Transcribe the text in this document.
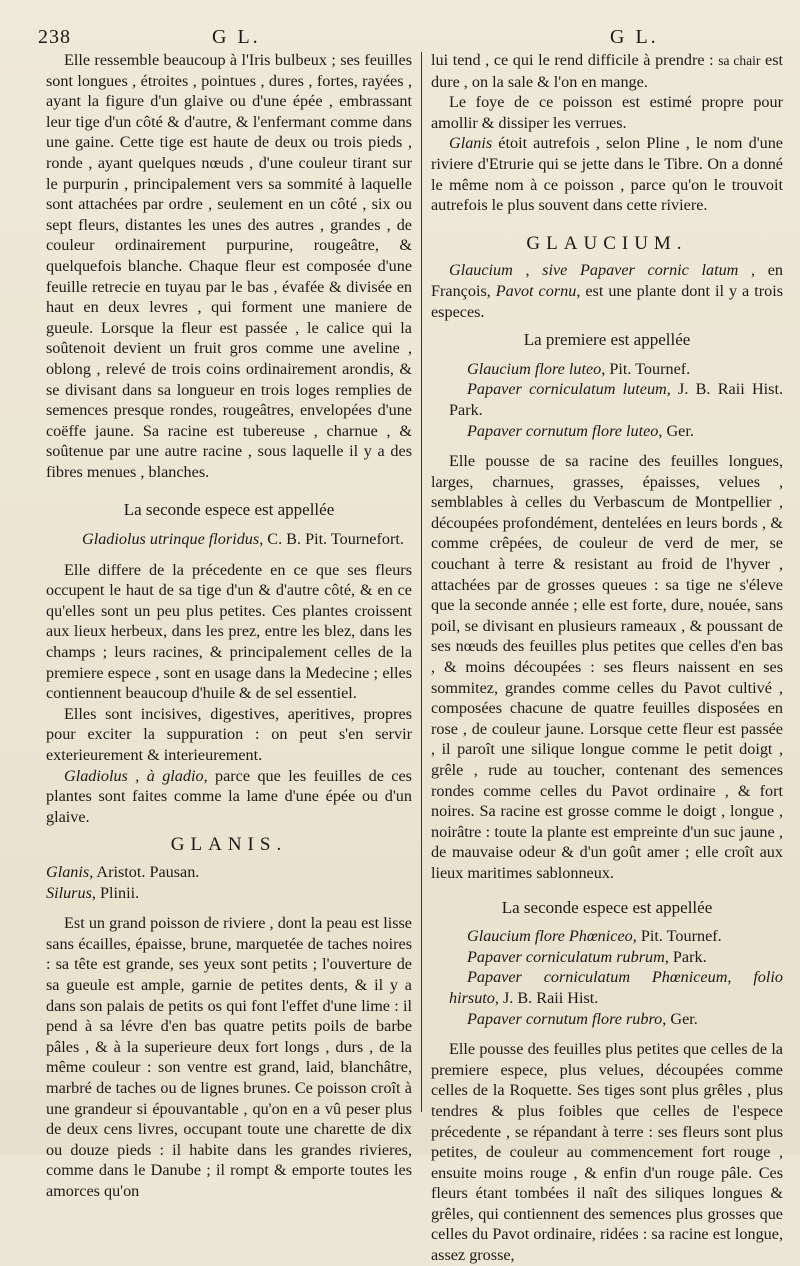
238	G L.	G L.

Elle ressemble beaucoup à l'Iris bulbeux ; ses feuilles sont longues , étroites , pointues , dures , fortes, rayées , ayant la figure d'un glaive ou d'une épée , embrassant leur tige d'un côté & d'autre, & l'enfermant comme dans une gaine. Cette tige est haute de deux ou trois pieds , ronde , ayant quelques nœuds , d'une couleur tirant sur le purpurin , principalement vers sa sommité à laquelle sont attachées par ordre , seulement en un côté , six ou sept fleurs, distantes les unes des autres , grandes , de couleur ordinairement purpurine, rougeâtre, & quelquefois blanche. Chaque fleur est composée d'une feuille retrecie en tuyau par le bas , évafée & divisée en haut en deux levres , qui forment une maniere de gueule. Lorsque la fleur est passée , le calice qui la soûtenoit devient un fruit gros comme une aveline , oblong , relevé de trois coins ordinairement arondis, & se divisant dans sa longueur en trois loges remplies de semences presque rondes, rougeâtres, envelopées d'une coëffe jaune. Sa racine est tubereuse , charnue , & soûtenue par une autre racine , sous laquelle il y a des fibres menues , blanches.

La seconde espece est appellée

Gladiolus utrinque floridus, C. B. Pit. Tournefort.

Elle differe de la précedente en ce que ses fleurs occupent le haut de sa tige d'un & d'autre côté, & en ce qu'elles sont un peu plus petites. Ces plantes croissent aux lieux herbeux, dans les prez, entre les blez, dans les champs ; leurs racines, & principalement celles de la premiere espece , sont en usage dans la Medecine ; elles contiennent beaucoup d'huile & de sel essentiel.

Elles sont incisives, digestives, aperitives, propres pour exciter la suppuration : on peut s'en servir exterieurement & interieurement.

Gladiolus , à gladio, parce que les feuilles de ces plantes sont faites comme la lame d'une épée ou d'un glaive.

GLANIS.

Glanis, Aristot. Pausan.

Silurus, Plinii.

Est un grand poisson de riviere , dont la peau est lisse sans écailles, épaisse, brune, marquetée de taches noires : sa tête est grande, ses yeux sont petits ; l'ouverture de sa gueule est ample, garnie de petites dents, & il y a dans son palais de petits os qui font l'effet d'une lime : il pend à sa lévre d'en bas quatre petits poils de barbe pâles , & à la superieure deux fort longs , durs , de la même couleur : son ventre est grand, laid, blanchâtre, marbré de taches ou de lignes brunes. Ce poisson croît à une grandeur si épouvantable , qu'on en a vû peser plus de deux cens livres, occupant toute une charette de dix ou douze pieds : il habite dans les grandes rivieres, comme dans le Danube ; il rompt & emporte toutes les amorces qu'on

lui tend , ce qui le rend difficile à prendre : sa chair est dure , on la sale & l'on en mange.

Le foye de ce poisson est estimé propre pour amollir & dissiper les verrues.

Glanis étoit autrefois , selon Pline , le nom d'une riviere d'Etrurie qui se jette dans le Tibre. On a donné le même nom à ce poisson , parce qu'on le trouvoit autrefois le plus souvent dans cette riviere.

GLAUCIUM.

Glaucium , sive Papaver cornic latum , en François, Pavot cornu, est une plante dont il y a trois especes.

La premiere est appellée

Glaucium flore luteo, Pit. Tournef.

Papaver corniculatum luteum, J. B. Raii Hist. Park.

Papaver cornutum flore luteo, Ger.

Elle pousse de sa racine des feuilles longues, larges, charnues, grasses, épaisses, velues , semblables à celles du Verbascum de Montpellier , découpées profondément, dentelées en leurs bords , & comme crêpées, de couleur de verd de mer, se couchant à terre & resistant au froid de l'hyver , attachées par de grosses queues : sa tige ne s'éleve que la seconde année ; elle est forte, dure, nouée, sans poil, se divisant en plusieurs rameaux , & poussant de ses nœuds des feuilles plus petites que celles d'en bas , & moins découpées : ses fleurs naissent en ses sommitez, grandes comme celles du Pavot cultivé , composées chacune de quatre feuilles disposées en rose , de couleur jaune. Lorsque cette fleur est passée , il paroît une silique longue comme le petit doigt , grêle , rude au toucher, contenant des semences rondes comme celles du Pavot ordinaire , & fort noires. Sa racine est grosse comme le doigt , longue , noirâtre : toute la plante est empreinte d'un suc jaune , de mauvaise odeur & d'un goût amer ; elle croît aux lieux maritimes sablonneux.

La seconde espece est appellée

Glaucium flore Phœniceo, Pit. Tournef.

Papaver corniculatum rubrum, Park.

Papaver corniculatum Phœniceum, folio hirsuto, J. B. Raii Hist.

Papaver cornutum flore rubro, Ger.

Elle pousse des feuilles plus petites que celles de la premiere espece, plus velues, découpées comme celles de la Roquette. Ses tiges sont plus grêles , plus tendres & plus foibles que celles de l'espece précedente , se répandant à terre : ses fleurs sont plus petites, de couleur au commencement fort rouge , ensuite moins rouge , & enfin d'un rouge pâle. Ces fleurs étant tombées il naît des siliques longues & grêles, qui contiennent des semences plus grosses que celles du Pavot ordinaire, ridées : sa racine est longue, assez grosse,
